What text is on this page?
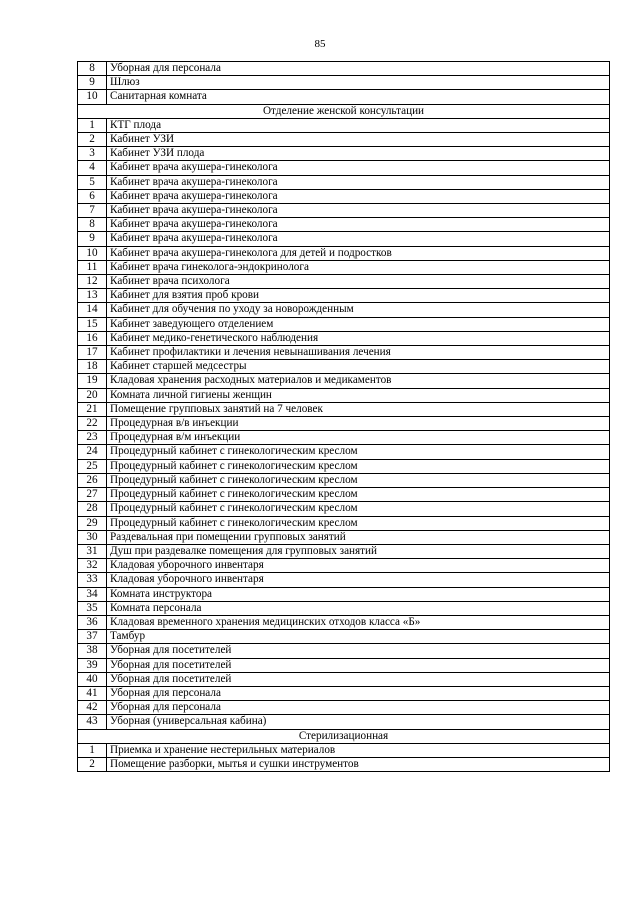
85
8	Уборная для персонала
9	Шлюз
10	Санитарная комната
Отделение женской консультации	
1	КТГ плода
2	Кабинет УЗИ
3	Кабинет УЗИ плода
4	Кабинет врача акушера-гинеколога
5	Кабинет врача акушера-гинеколога
6	Кабинет врача акушера-гинеколога
7	Кабинет врача акушера-гинеколога
8	Кабинет врача акушера-гинеколога
9	Кабинет врача акушера-гинеколога
10	Кабинет врача акушера-гинеколога для детей и подростков
11	Кабинет врача гинеколога-эндокринолога
12	Кабинет врача психолога
13	Кабинет для взятия проб крови
14	Кабинет для обучения по уходу за новорожденным
15	Кабинет заведующего отделением
16	Кабинет медико-генетического наблюдения
17	Кабинет профилактики и лечения невынашивания лечения
18	Кабинет старшей медсестры
19	Кладовая хранения расходных материалов и медикаментов
20	Комната личной гигиены женщин
21	Помещение групповых занятий на 7 человек
22	Процедурная в/в инъекции
23	Процедурная в/м инъекции
24	Процедурный кабинет с гинекологическим креслом
25	Процедурный кабинет с гинекологическим креслом
26	Процедурный кабинет с гинекологическим креслом
27	Процедурный кабинет с гинекологическим креслом
28	Процедурный кабинет с гинекологическим креслом
29	Процедурный кабинет с гинекологическим креслом
30	Раздевальная при помещении групповых занятий
31	Душ при раздевалке помещения для групповых занятий
32	Кладовая уборочного инвентаря
33	Кладовая уборочного инвентаря
34	Комната инструктора
35	Комната персонала
36	Кладовая временного хранения медицинских отходов класса «Б»
37	Тамбур
38	Уборная для посетителей
39	Уборная для посетителей
40	Уборная для посетителей
41	Уборная для персонала
42	Уборная для персонала
43	Уборная (универсальная кабина)
Стерилизационная	
1	Приемка и хранение нестерильных материалов
2	Помещение разборки, мытья и сушки инструментов
